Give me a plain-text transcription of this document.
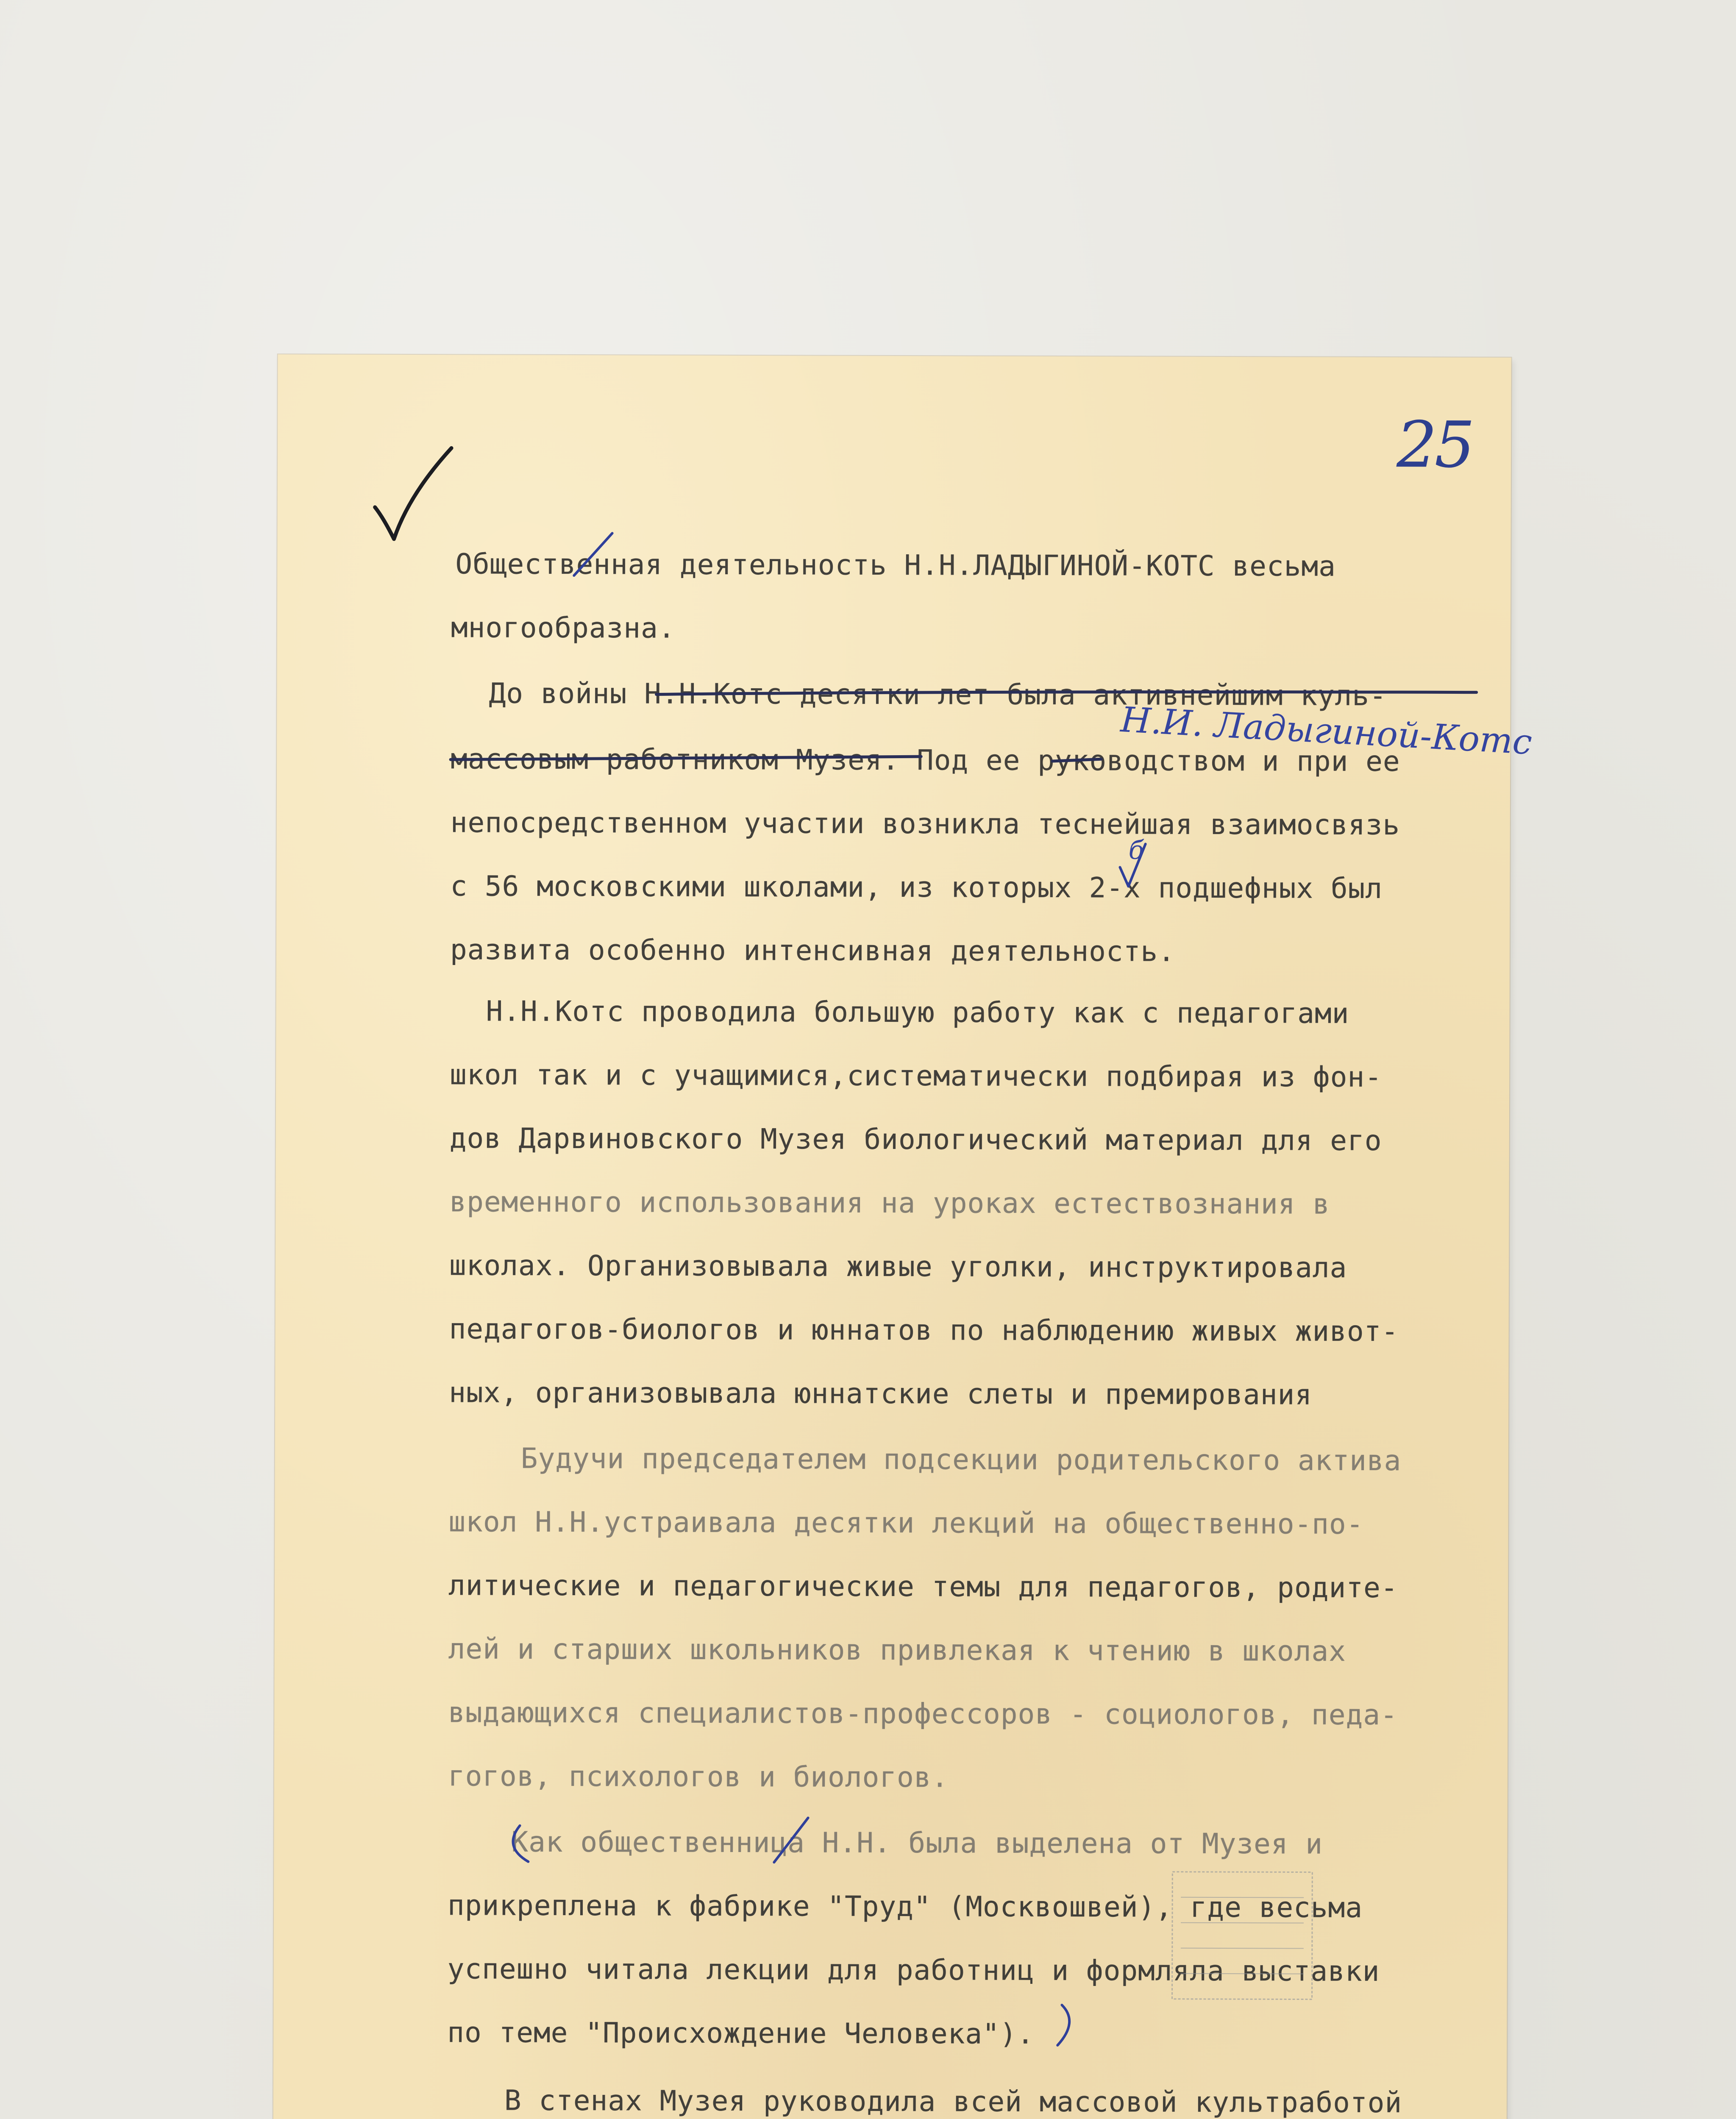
25
Общественная деятельность Н.Н.ЛАДЫГИНОЙ-КОТС весьма
многообразна.
До войны Н.Н.Котс десятки лет была активнейшим куль-
массовым работником Музея. Под ее руководством и при ее
непосредственном участии возникла теснейшая взаимосвязь
с 56 московскими школами, из которых 2-х подшефных был
развита особенно интенсивная деятельность.
Н.Н.Котс проводила большую работу как с педагогами
школ так и с учащимися,систематически подбирая из фон-
дов Дарвиновского Музея биологический материал для его
временного использования на уроках естествознания в
школах. Организовывала живые уголки, инструктировала
педагогов-биологов и юннатов по наблюдению живых живот-
ных, организовывала юннатские слеты и премирования
Будучи председателем подсекции родительского актива
школ Н.Н.устраивала десятки лекций на общественно-по-
литические и педагогические темы для педагогов, родите-
лей и старших школьников привлекая к чтению в школах
выдающихся специалистов-профессоров - социологов, педа-
гогов, психологов и биологов.
Как общественница Н.Н. была выделена от Музея и
прикреплена к фабрике "Труд" (Москвошвей), где весьма
успешно читала лекции для работниц и формляла выставки
по теме "Происхождение Человека").
В стенах Музея руководила всей массовой культработой
Н.И. Ладыгиной-Котс
б
